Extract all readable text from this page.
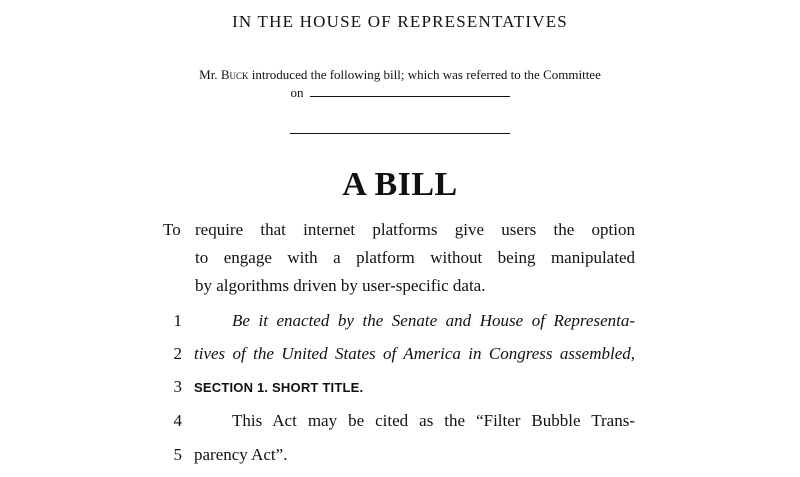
IN THE HOUSE OF REPRESENTATIVES

Mr. Buck introduced the following bill; which was referred to the Committee
on

A BILL
To require that internet platforms give users the option
to engage with a platform without being manipulated
by algorithms driven by user-specific data.
1	Be it enacted by the Senate and House of Representa-
2 tives of the United States of America in Congress assembled,
3 SECTION 1. SHORT TITLE.
4	This Act may be cited as the “Filter Bubble Trans-
5 parency Act”.
